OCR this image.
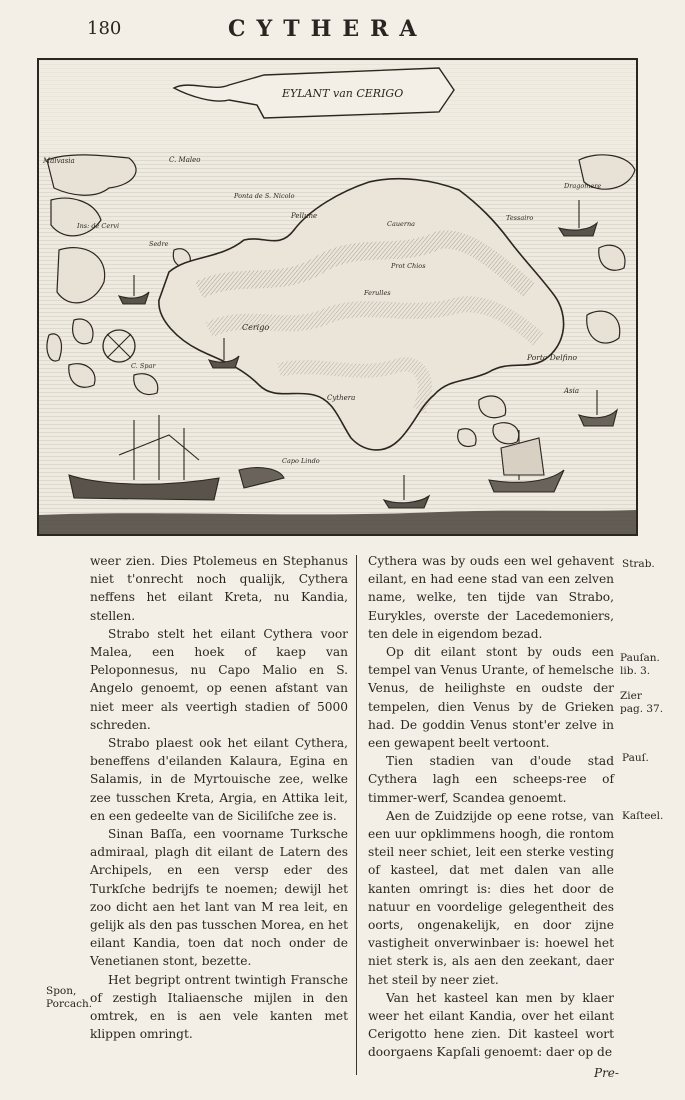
180	CYTHERA
EYLANT van CERIGO
Malvasia	C. Maleo
Ins: de Cervi
Ponta de S. Nicolo
Pellune
Sedre
Cauerna
Dragomere
Tessairo
Prot Chios
Ferulles
Cerigo
Porto Delfino
C. Spar
Cythera
Asia
Capo Lindo

weer zien. Dies Ptolemeus en Stephanus niet t'onrecht noch qualijk, Cythera neffens het eilant Kreta, nu Kandia, stellen.

Strabo stelt het eilant Cythera voor Malea, een hoek of kaep van Peloponnesus, nu Capo Malio en S. Angelo genoemt, op eenen afstant van niet meer als veertigh stadien of 5000 schreden.

Strabo plaest ook het eilant Cythera, beneffens d'eilanden Kalaura, Egina en Salamis, in de Myrtouische zee, welke zee tusschen Kreta, Argia, en Attika leit, en een gedeelte van de Siciliſche zee is.

Sinan Baſſa, een voorname Turksche admiraal, plagh dit eilant de Latern des Archipels, en een versp eder des Turkſche bedrijfs te noemen; dewijl het zoo dicht aen het lant van M rea leit, en gelijk als den pas tusschen Morea, en het eilant Kandia, toen dat noch onder de Venetianen stont, bezette.

Het begript ontrent twintigh Fransche of zestigh Italiaensche mijlen in den omtrek, en is aen vele kanten met klippen omringt.

Cythera was by ouds een wel gehavent eilant, en had eene stad van een zelven name, welke, ten tijde van Strabo, Eurykles, overste der Lacedemoniers, ten dele in eigendom bezad.

Op dit eilant stont by ouds een tempel van Venus Urante, of hemelsche Venus, de heilighste en oudste der tempelen, dien Venus by de Grieken had. De goddin Venus stont'er zelve in een gewapent beelt vertoont.

Tien stadien van d'oude stad Cythera lagh een scheeps-ree of timmer-werf, Scandea genoemt.

Aen de Zuidzijde op eene rotse, van een uur opklimmens hoogh, die rontom steil neer schiet, leit een sterke vesting of kasteel, dat met dalen van alle kanten omringt is: dies het door de natuur en voordelige gelegentheit des oorts, ongenakelijk, en door zijne vastigheit onverwinbaer is: hoewel het niet sterk is, als aen den zeekant, daer het steil by neer ziet.

Van het kasteel kan men by klaer weer het eilant Kandia, over het eilant Cerigotto hene zien. Dit kasteel wort doorgaens Kapſali genoemt: daer op de

Strab.
Pauſan. lib. 3.
Zier pag. 37.
Pauſ.
Kaſteel.
Spon, Porcach.
Pre-
